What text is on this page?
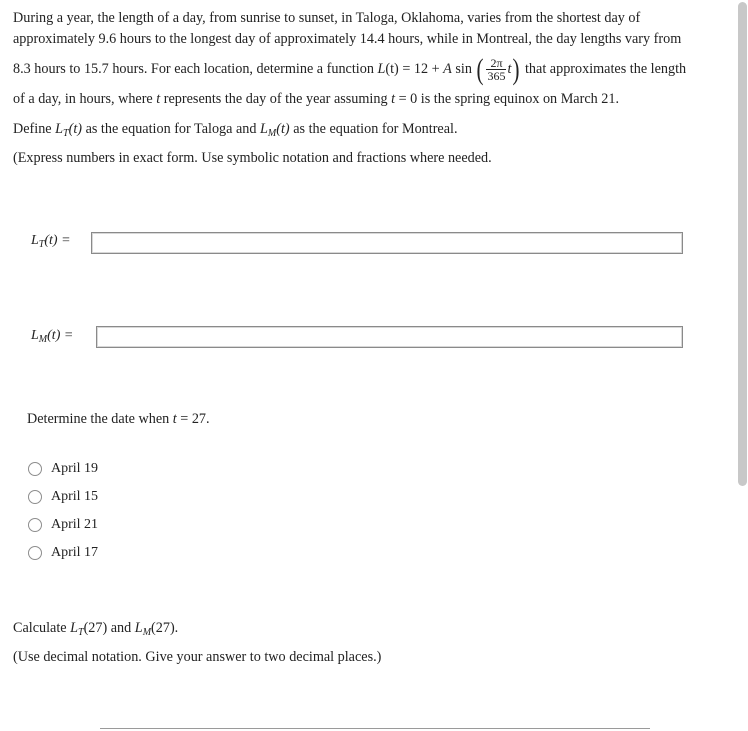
During a year, the length of a day, from sunrise to sunset, in Taloga, Oklahoma, varies from the shortest day of
approximately 9.6 hours to the longest day of approximately 14.4 hours, while in Montreal, the day lengths vary from
8.3 hours to 15.7 hours. For each location, determine a function L(t) = 12 + A sin ( $\frac{2\pi}{365} t$) that approximates the length
of a day, in hours, where t represents the day of the year assuming t = 0 is the spring equinox on March 21.
Define $L_T(t)$ as the equation for Taloga and $L_M(t)$ as the equation for Montreal.
(Express numbers in exact form. Use symbolic notation and fractions where needed.
$L_T(t)$ =
$L_M(t)$ =
Determine the date when t = 27.
April 19
April 15
April 21
April 17
Calculate $L_T(27)$ and $L_M(27)$.
(Use decimal notation. Give your answer to two decimal places.)
